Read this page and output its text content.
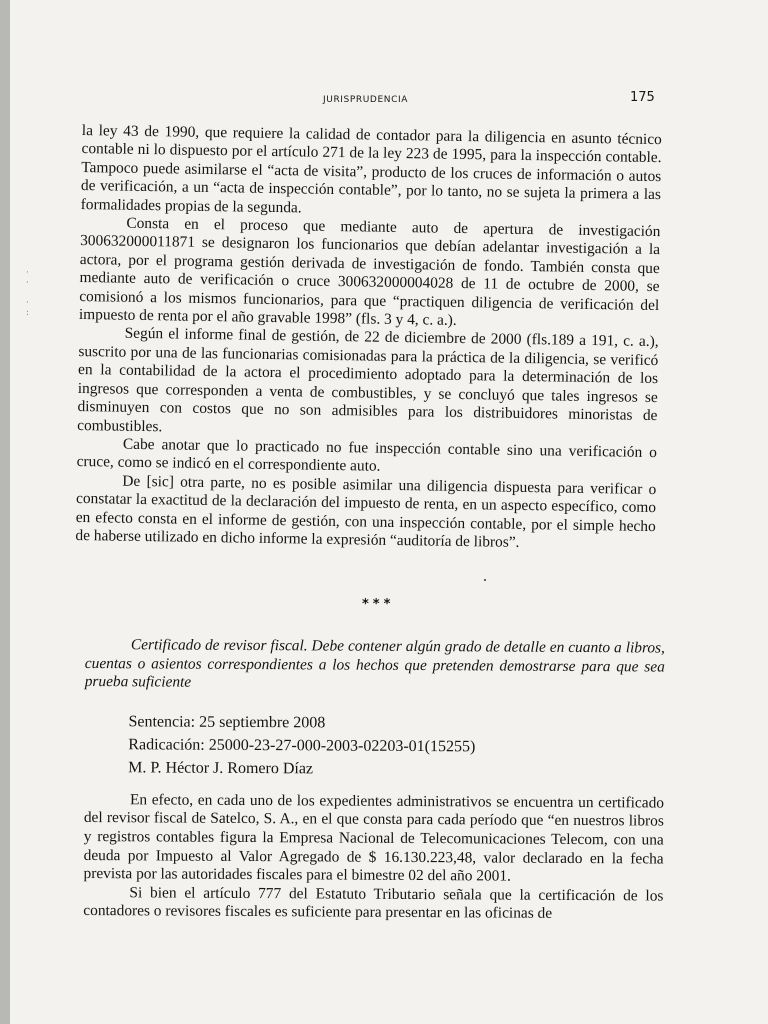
·
·

·
:
JURISPRUDENCIA	175

la ley 43 de 1990, que requiere la calidad de contador para la diligencia en asunto técnico contable ni lo dispuesto por el artículo 271 de la ley 223 de 1995, para la inspección contable. Tampoco puede asimilarse el “acta de visita”, producto de los cruces de información o autos de verificación, a un “acta de inspección contable”, por lo tanto, no se sujeta la primera a las formalidades propias de la segunda.

Consta en el proceso que mediante auto de apertura de investigación 300632000011871 se designaron los funcionarios que debían adelantar investigación a la actora, por el programa gestión derivada de investigación de fondo. También consta que mediante auto de verificación o cruce 300632000004028 de 11 de octubre de 2000, se comisionó a los mismos funcionarios, para que “practiquen diligencia de verificación del impuesto de renta por el año gravable 1998” (fls. 3 y 4, c. a.).

Según el informe final de gestión, de 22 de diciembre de 2000 (fls.189 a 191, c. a.), suscrito por una de las funcionarias comisionadas para la práctica de la diligencia, se verificó en la contabilidad de la actora el procedimiento adoptado para la determinación de los ingresos que corresponden a venta de combustibles, y se concluyó que tales ingresos se disminuyen con costos que no son admisibles para los distribuidores minoristas de combustibles.

Cabe anotar que lo practicado no fue inspección contable sino una verificación o cruce, como se indicó en el correspondiente auto.

De [sic] otra parte, no es posible asimilar una diligencia dispuesta para verificar o constatar la exactitud de la declaración del impuesto de renta, en un aspecto específico, como en efecto consta en el informe de gestión, con una inspección contable, por el simple hecho de haberse utilizado en dicho informe la expresión “auditoría de libros”.

***

Certificado de revisor fiscal. Debe contener algún grado de detalle en cuanto a libros, cuentas o asientos correspondientes a los hechos que pretenden demostrarse para que sea prueba suficiente

Sentencia: 25 septiembre 2008
Radicación: 25000-23-27-000-2003-02203-01(15255)
M. P. Héctor J. Romero Díaz

En efecto, en cada uno de los expedientes administrativos se encuentra un certificado del revisor fiscal de Satelco, S. A., en el que consta para cada período que “en nuestros libros y registros contables figura la Empresa Nacional de Telecomunicaciones Telecom, con una deuda por Impuesto al Valor Agregado de $ 16.130.223,48, valor declarado en la fecha prevista por las autoridades fiscales para el bimestre 02 del año 2001.

Si bien el artículo 777 del Estatuto Tributario señala que la certificación de los contadores o revisores fiscales es suficiente para presentar en las oficinas de
